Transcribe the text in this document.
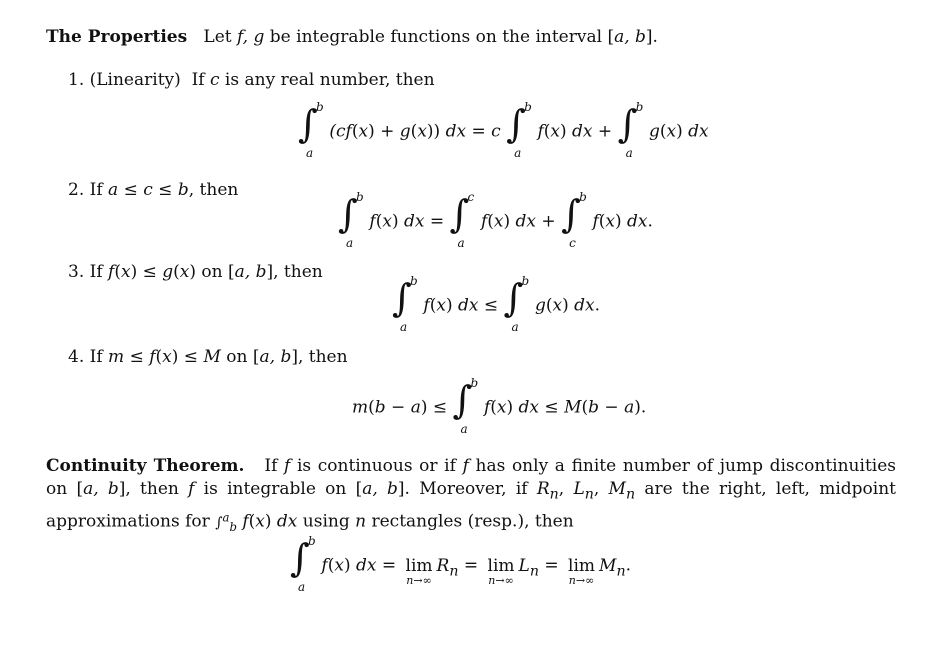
The Properties   Let f, g be integrable functions on the interval [a, b].
1. (Linearity)  If c is any real number, then
∫
b
a
(cf(x) + g(x)) dx = c ∫
b
a
f(x) dx + ∫
b
a
g(x) dx
2. If a ≤ c ≤ b, then
∫
b
a
f(x) dx = ∫
c
a
f(x) dx + ∫
b
c
f(x) dx.
3. If f(x) ≤ g(x) on [a, b], then
∫
b
a
f(x) dx ≤ ∫
b
a
g(x) dx.
4. If m ≤ f(x) ≤ M on [a, b], then
m(b − a) ≤ ∫
b
a
f(x) dx ≤ M(b − a).
Continuity Theorem.   If f is continuous or if f has only a finite number of jump discontinuities on [a, b], then f is integrable on [a, b]. Moreover, if $R_n$, $L_n$, $M_n$ are the right, left, midpoint approximations for ∫$^a_b$ f(x) dx using n rectangles (resp.), then
∫
b
a
f(x) dx = lim
n→∞
$R_n = \lim$
n→∞
$L_n = \lim$
n→∞
$M_n$.
